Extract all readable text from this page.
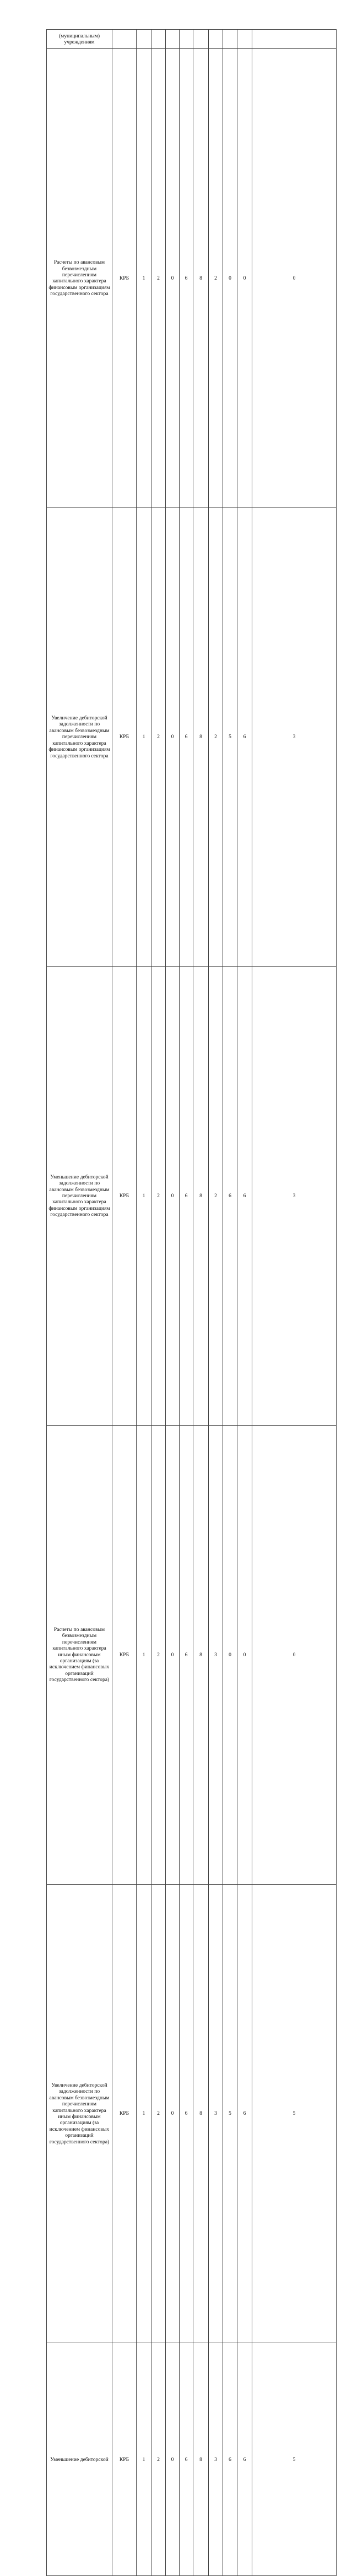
(муниципальным) учреждениям											
Расчеты по авансовым безвозмездным перечислениям капитального характера финансовым организациям государственного сектора	КРБ	1	2	0	6	8	2	0	0	0	
Увеличение дебиторской задолженности по авансовым безвозмездным перечислениям капитального характера финансовым организациям государственного сектора	КРБ	1	2	0	6	8	2	5	6	3	
Уменьшение дебиторской задолженности по авансовым безвозмездным перечислениям капитального характера финансовым организациям государственного сектора	КРБ	1	2	0	6	8	2	6	6	3	
Расчеты по авансовым безвозмездным перечислениям капитального характера иным финансовым организациям (за исключением финансовых организаций государственного сектора)	КРБ	1	2	0	6	8	3	0	0	0	
Увеличение дебиторской задолженности по авансовым безвозмездным перечислениям капитального характера иным финансовым организациям (за исключением финансовых организаций государственного сектора)	КРБ	1	2	0	6	8	3	5	6	5	
Уменьшение дебиторской	КРБ	1	2	0	6	8	3	6	6	5	
